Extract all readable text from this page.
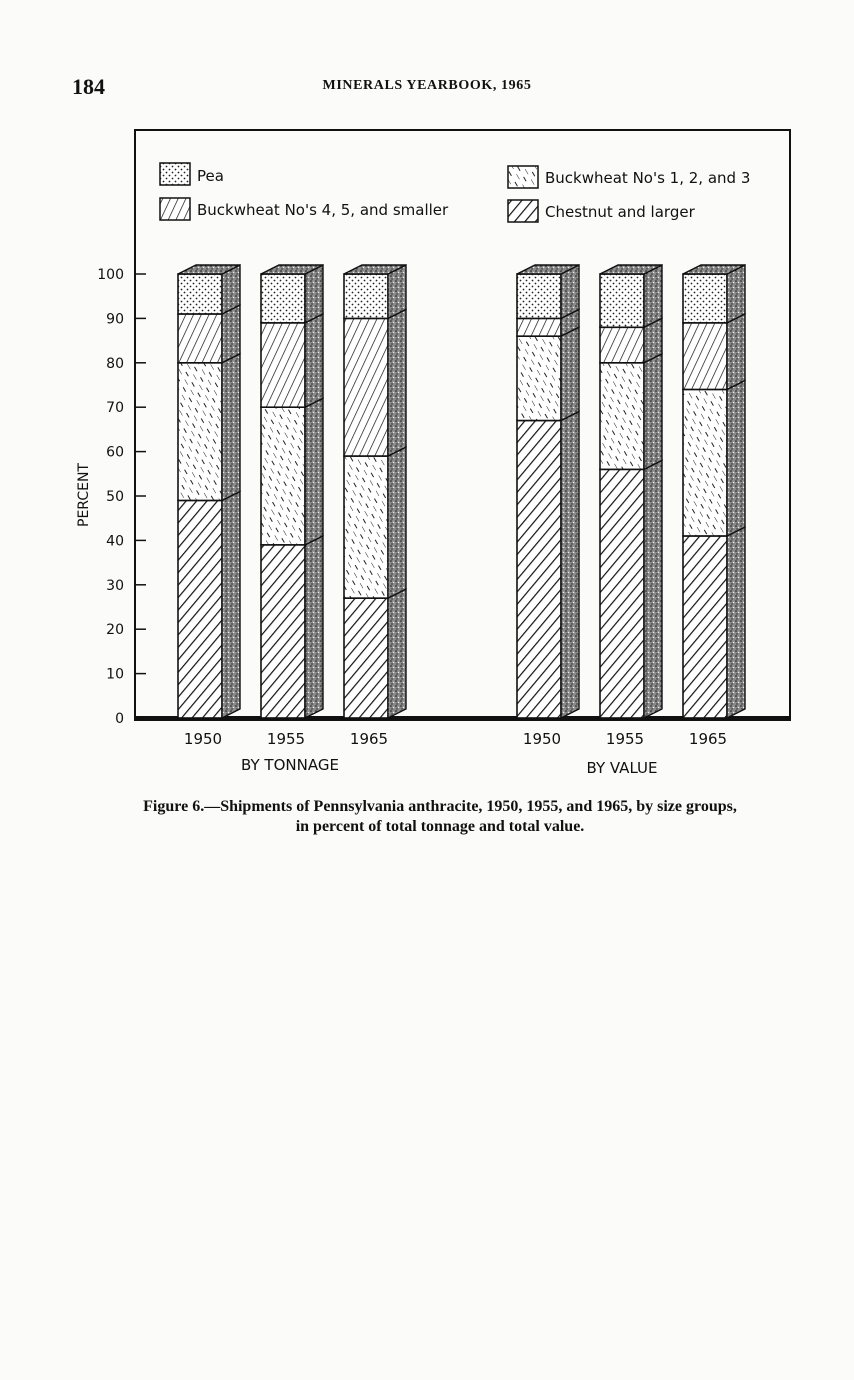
184	MINERALS YEARBOOK, 1965
Pea
Buckwheat No's 4, 5, and smaller
Buckwheat No's 1, 2, and 3
Chestnut and larger
PERCENT
BY TONNAGE	BY VALUE
0
10
20
30
40
50
60
70
80
90
100
1950	1955	1965	1950	1955	1965
Figure 6.—Shipments of Pennsylvania anthracite, 1950, 1955, and 1965, by size groups,
in percent of total tonnage and total value.
